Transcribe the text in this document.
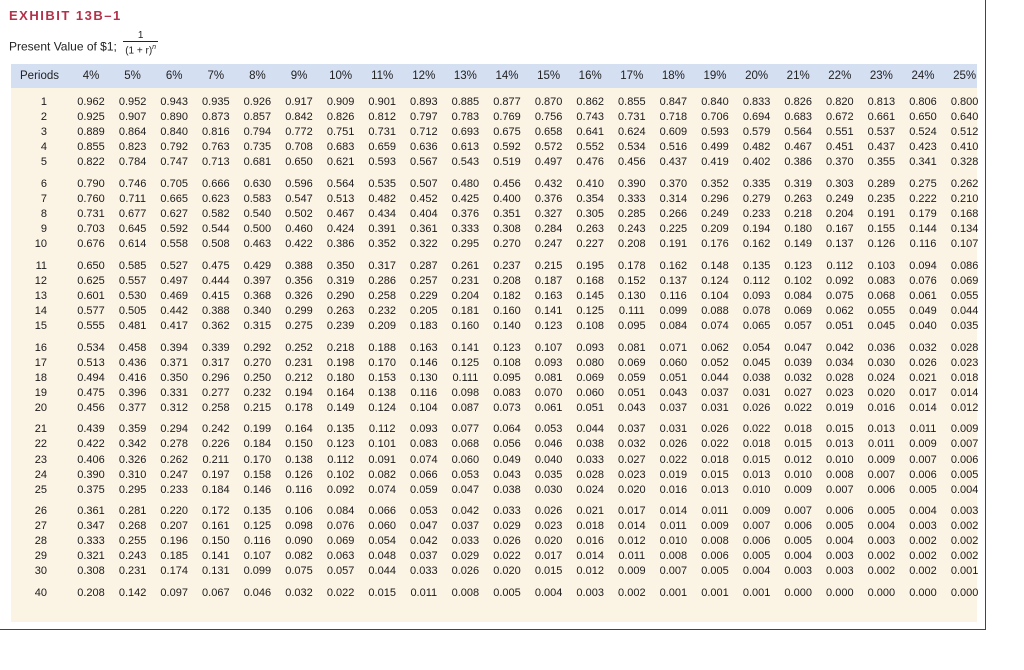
EXHIBIT 13B–1
Present Value of $1; $\frac{1}{(1 + r)^n}$
Periods	4%	5%	6%	7%	8%	9%	10%	11%	12%	13%	14%	15%	16%	17%	18%	19%	20%	21%	22%	23%	24%	25%
1	0.962	0.952	0.943	0.935	0.926	0.917	0.909	0.901	0.893	0.885	0.877	0.870	0.862	0.855	0.847	0.840	0.833	0.826	0.820	0.813	0.806	0.800
2	0.925	0.907	0.890	0.873	0.857	0.842	0.826	0.812	0.797	0.783	0.769	0.756	0.743	0.731	0.718	0.706	0.694	0.683	0.672	0.661	0.650	0.640
3	0.889	0.864	0.840	0.816	0.794	0.772	0.751	0.731	0.712	0.693	0.675	0.658	0.641	0.624	0.609	0.593	0.579	0.564	0.551	0.537	0.524	0.512
4	0.855	0.823	0.792	0.763	0.735	0.708	0.683	0.659	0.636	0.613	0.592	0.572	0.552	0.534	0.516	0.499	0.482	0.467	0.451	0.437	0.423	0.410
5	0.822	0.784	0.747	0.713	0.681	0.650	0.621	0.593	0.567	0.543	0.519	0.497	0.476	0.456	0.437	0.419	0.402	0.386	0.370	0.355	0.341	0.328
6	0.790	0.746	0.705	0.666	0.630	0.596	0.564	0.535	0.507	0.480	0.456	0.432	0.410	0.390	0.370	0.352	0.335	0.319	0.303	0.289	0.275	0.262
7	0.760	0.711	0.665	0.623	0.583	0.547	0.513	0.482	0.452	0.425	0.400	0.376	0.354	0.333	0.314	0.296	0.279	0.263	0.249	0.235	0.222	0.210
8	0.731	0.677	0.627	0.582	0.540	0.502	0.467	0.434	0.404	0.376	0.351	0.327	0.305	0.285	0.266	0.249	0.233	0.218	0.204	0.191	0.179	0.168
9	0.703	0.645	0.592	0.544	0.500	0.460	0.424	0.391	0.361	0.333	0.308	0.284	0.263	0.243	0.225	0.209	0.194	0.180	0.167	0.155	0.144	0.134
10	0.676	0.614	0.558	0.508	0.463	0.422	0.386	0.352	0.322	0.295	0.270	0.247	0.227	0.208	0.191	0.176	0.162	0.149	0.137	0.126	0.116	0.107
11	0.650	0.585	0.527	0.475	0.429	0.388	0.350	0.317	0.287	0.261	0.237	0.215	0.195	0.178	0.162	0.148	0.135	0.123	0.112	0.103	0.094	0.086
12	0.625	0.557	0.497	0.444	0.397	0.356	0.319	0.286	0.257	0.231	0.208	0.187	0.168	0.152	0.137	0.124	0.112	0.102	0.092	0.083	0.076	0.069
13	0.601	0.530	0.469	0.415	0.368	0.326	0.290	0.258	0.229	0.204	0.182	0.163	0.145	0.130	0.116	0.104	0.093	0.084	0.075	0.068	0.061	0.055
14	0.577	0.505	0.442	0.388	0.340	0.299	0.263	0.232	0.205	0.181	0.160	0.141	0.125	0.111	0.099	0.088	0.078	0.069	0.062	0.055	0.049	0.044
15	0.555	0.481	0.417	0.362	0.315	0.275	0.239	0.209	0.183	0.160	0.140	0.123	0.108	0.095	0.084	0.074	0.065	0.057	0.051	0.045	0.040	0.035
16	0.534	0.458	0.394	0.339	0.292	0.252	0.218	0.188	0.163	0.141	0.123	0.107	0.093	0.081	0.071	0.062	0.054	0.047	0.042	0.036	0.032	0.028
17	0.513	0.436	0.371	0.317	0.270	0.231	0.198	0.170	0.146	0.125	0.108	0.093	0.080	0.069	0.060	0.052	0.045	0.039	0.034	0.030	0.026	0.023
18	0.494	0.416	0.350	0.296	0.250	0.212	0.180	0.153	0.130	0.111	0.095	0.081	0.069	0.059	0.051	0.044	0.038	0.032	0.028	0.024	0.021	0.018
19	0.475	0.396	0.331	0.277	0.232	0.194	0.164	0.138	0.116	0.098	0.083	0.070	0.060	0.051	0.043	0.037	0.031	0.027	0.023	0.020	0.017	0.014
20	0.456	0.377	0.312	0.258	0.215	0.178	0.149	0.124	0.104	0.087	0.073	0.061	0.051	0.043	0.037	0.031	0.026	0.022	0.019	0.016	0.014	0.012
21	0.439	0.359	0.294	0.242	0.199	0.164	0.135	0.112	0.093	0.077	0.064	0.053	0.044	0.037	0.031	0.026	0.022	0.018	0.015	0.013	0.011	0.009
22	0.422	0.342	0.278	0.226	0.184	0.150	0.123	0.101	0.083	0.068	0.056	0.046	0.038	0.032	0.026	0.022	0.018	0.015	0.013	0.011	0.009	0.007
23	0.406	0.326	0.262	0.211	0.170	0.138	0.112	0.091	0.074	0.060	0.049	0.040	0.033	0.027	0.022	0.018	0.015	0.012	0.010	0.009	0.007	0.006
24	0.390	0.310	0.247	0.197	0.158	0.126	0.102	0.082	0.066	0.053	0.043	0.035	0.028	0.023	0.019	0.015	0.013	0.010	0.008	0.007	0.006	0.005
25	0.375	0.295	0.233	0.184	0.146	0.116	0.092	0.074	0.059	0.047	0.038	0.030	0.024	0.020	0.016	0.013	0.010	0.009	0.007	0.006	0.005	0.004
26	0.361	0.281	0.220	0.172	0.135	0.106	0.084	0.066	0.053	0.042	0.033	0.026	0.021	0.017	0.014	0.011	0.009	0.007	0.006	0.005	0.004	0.003
27	0.347	0.268	0.207	0.161	0.125	0.098	0.076	0.060	0.047	0.037	0.029	0.023	0.018	0.014	0.011	0.009	0.007	0.006	0.005	0.004	0.003	0.002
28	0.333	0.255	0.196	0.150	0.116	0.090	0.069	0.054	0.042	0.033	0.026	0.020	0.016	0.012	0.010	0.008	0.006	0.005	0.004	0.003	0.002	0.002
29	0.321	0.243	0.185	0.141	0.107	0.082	0.063	0.048	0.037	0.029	0.022	0.017	0.014	0.011	0.008	0.006	0.005	0.004	0.003	0.002	0.002	0.002
30	0.308	0.231	0.174	0.131	0.099	0.075	0.057	0.044	0.033	0.026	0.020	0.015	0.012	0.009	0.007	0.005	0.004	0.003	0.003	0.002	0.002	0.001
40	0.208	0.142	0.097	0.067	0.046	0.032	0.022	0.015	0.011	0.008	0.005	0.004	0.003	0.002	0.001	0.001	0.001	0.000	0.000	0.000	0.000	0.000
